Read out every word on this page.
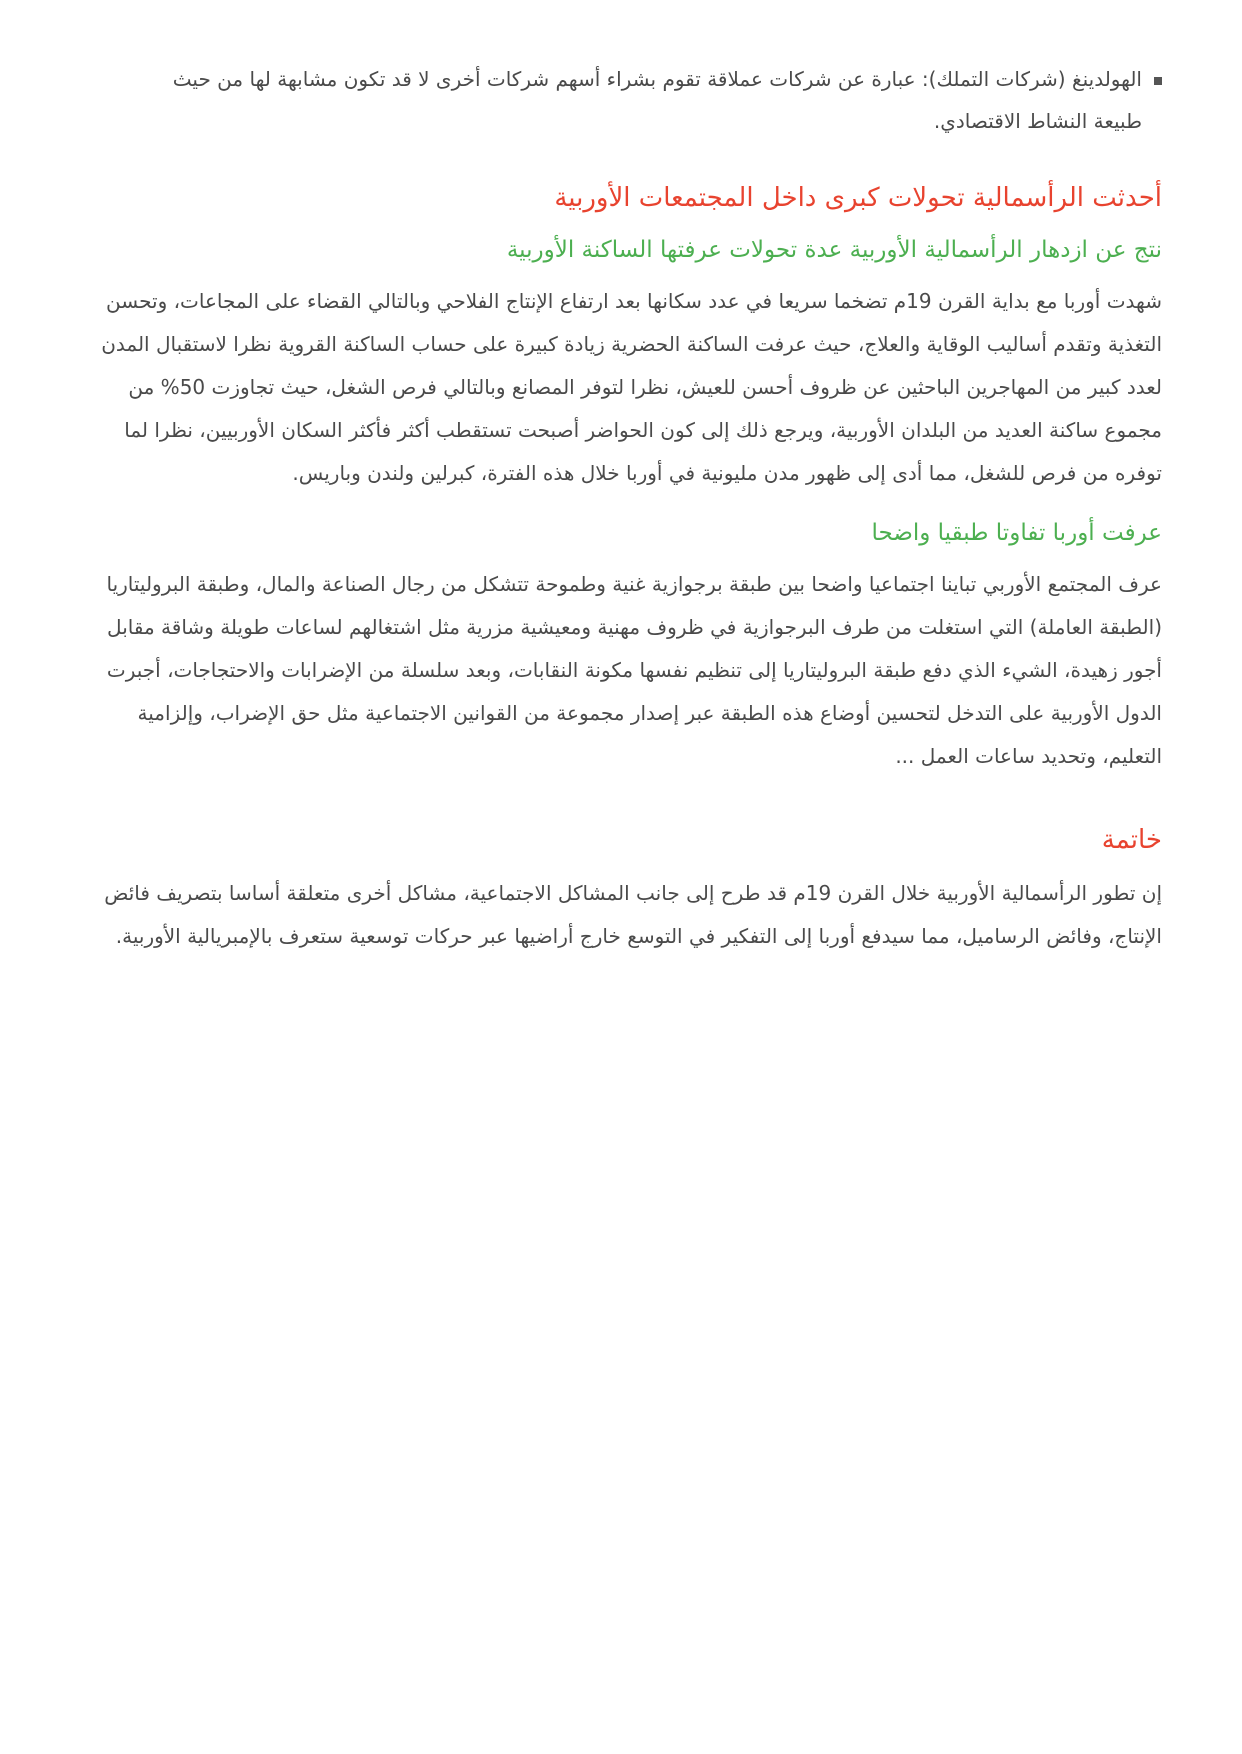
الهولدينغ (شركات التملك): عبارة عن شركات عملاقة تقوم بشراء أسهم شركات أخرى لا قد تكون مشابهة لها من حيث طبيعة النشاط الاقتصادي.
أحدثت الرأسمالية تحولات كبرى داخل المجتمعات الأوربية
نتج عن ازدهار الرأسمالية الأوربية عدة تحولات عرفتها الساكنة الأوربية

شهدت أوربا مع بداية القرن 19م تضخما سريعا في عدد سكانها بعد ارتفاع الإنتاج الفلاحي وبالتالي القضاء على المجاعات، وتحسن التغذية وتقدم أساليب الوقاية والعلاج، حيث عرفت الساكنة الحضرية زيادة كبيرة على حساب الساكنة القروية نظرا لاستقبال المدن لعدد كبير من المهاجرين الباحثين عن ظروف أحسن للعيش، نظرا لتوفر المصانع وبالتالي فرص الشغل، حيث تجاوزت 50% من مجموع ساكنة العديد من البلدان الأوربية، ويرجع ذلك إلى كون الحواضر أصبحت تستقطب أكثر فأكثر السكان الأوربيين، نظرا لما توفره من فرص للشغل، مما أدى إلى ظهور مدن مليونية في أوربا خلال هذه الفترة، كبرلين ولندن وباريس.

عرفت أوربا تفاوتا طبقيا واضحا

عرف المجتمع الأوربي تباينا اجتماعيا واضحا بين طبقة برجوازية غنية وطموحة تتشكل من رجال الصناعة والمال، وطبقة البروليتاريا (الطبقة العاملة) التي استغلت من طرف البرجوازية في ظروف مهنية ومعيشية مزرية مثل اشتغالهم لساعات طويلة وشاقة مقابل أجور زهيدة، الشيء الذي دفع طبقة البروليتاريا إلى تنظيم نفسها مكونة النقابات، وبعد سلسلة من الإضرابات والاحتجاجات، أجبرت الدول الأوربية على التدخل لتحسين أوضاع هذه الطبقة عبر إصدار مجموعة من القوانين الاجتماعية مثل حق الإضراب، وإلزامية التعليم، وتحديد ساعات العمل ...

خاتمة

إن تطور الرأسمالية الأوربية خلال القرن 19م قد طرح إلى جانب المشاكل الاجتماعية، مشاكل أخرى متعلقة أساسا بتصريف فائض الإنتاج، وفائض الرساميل، مما سيدفع أوربا إلى التفكير في التوسع خارج أراضيها عبر حركات توسعية ستعرف بالإمبريالية الأوربية.
